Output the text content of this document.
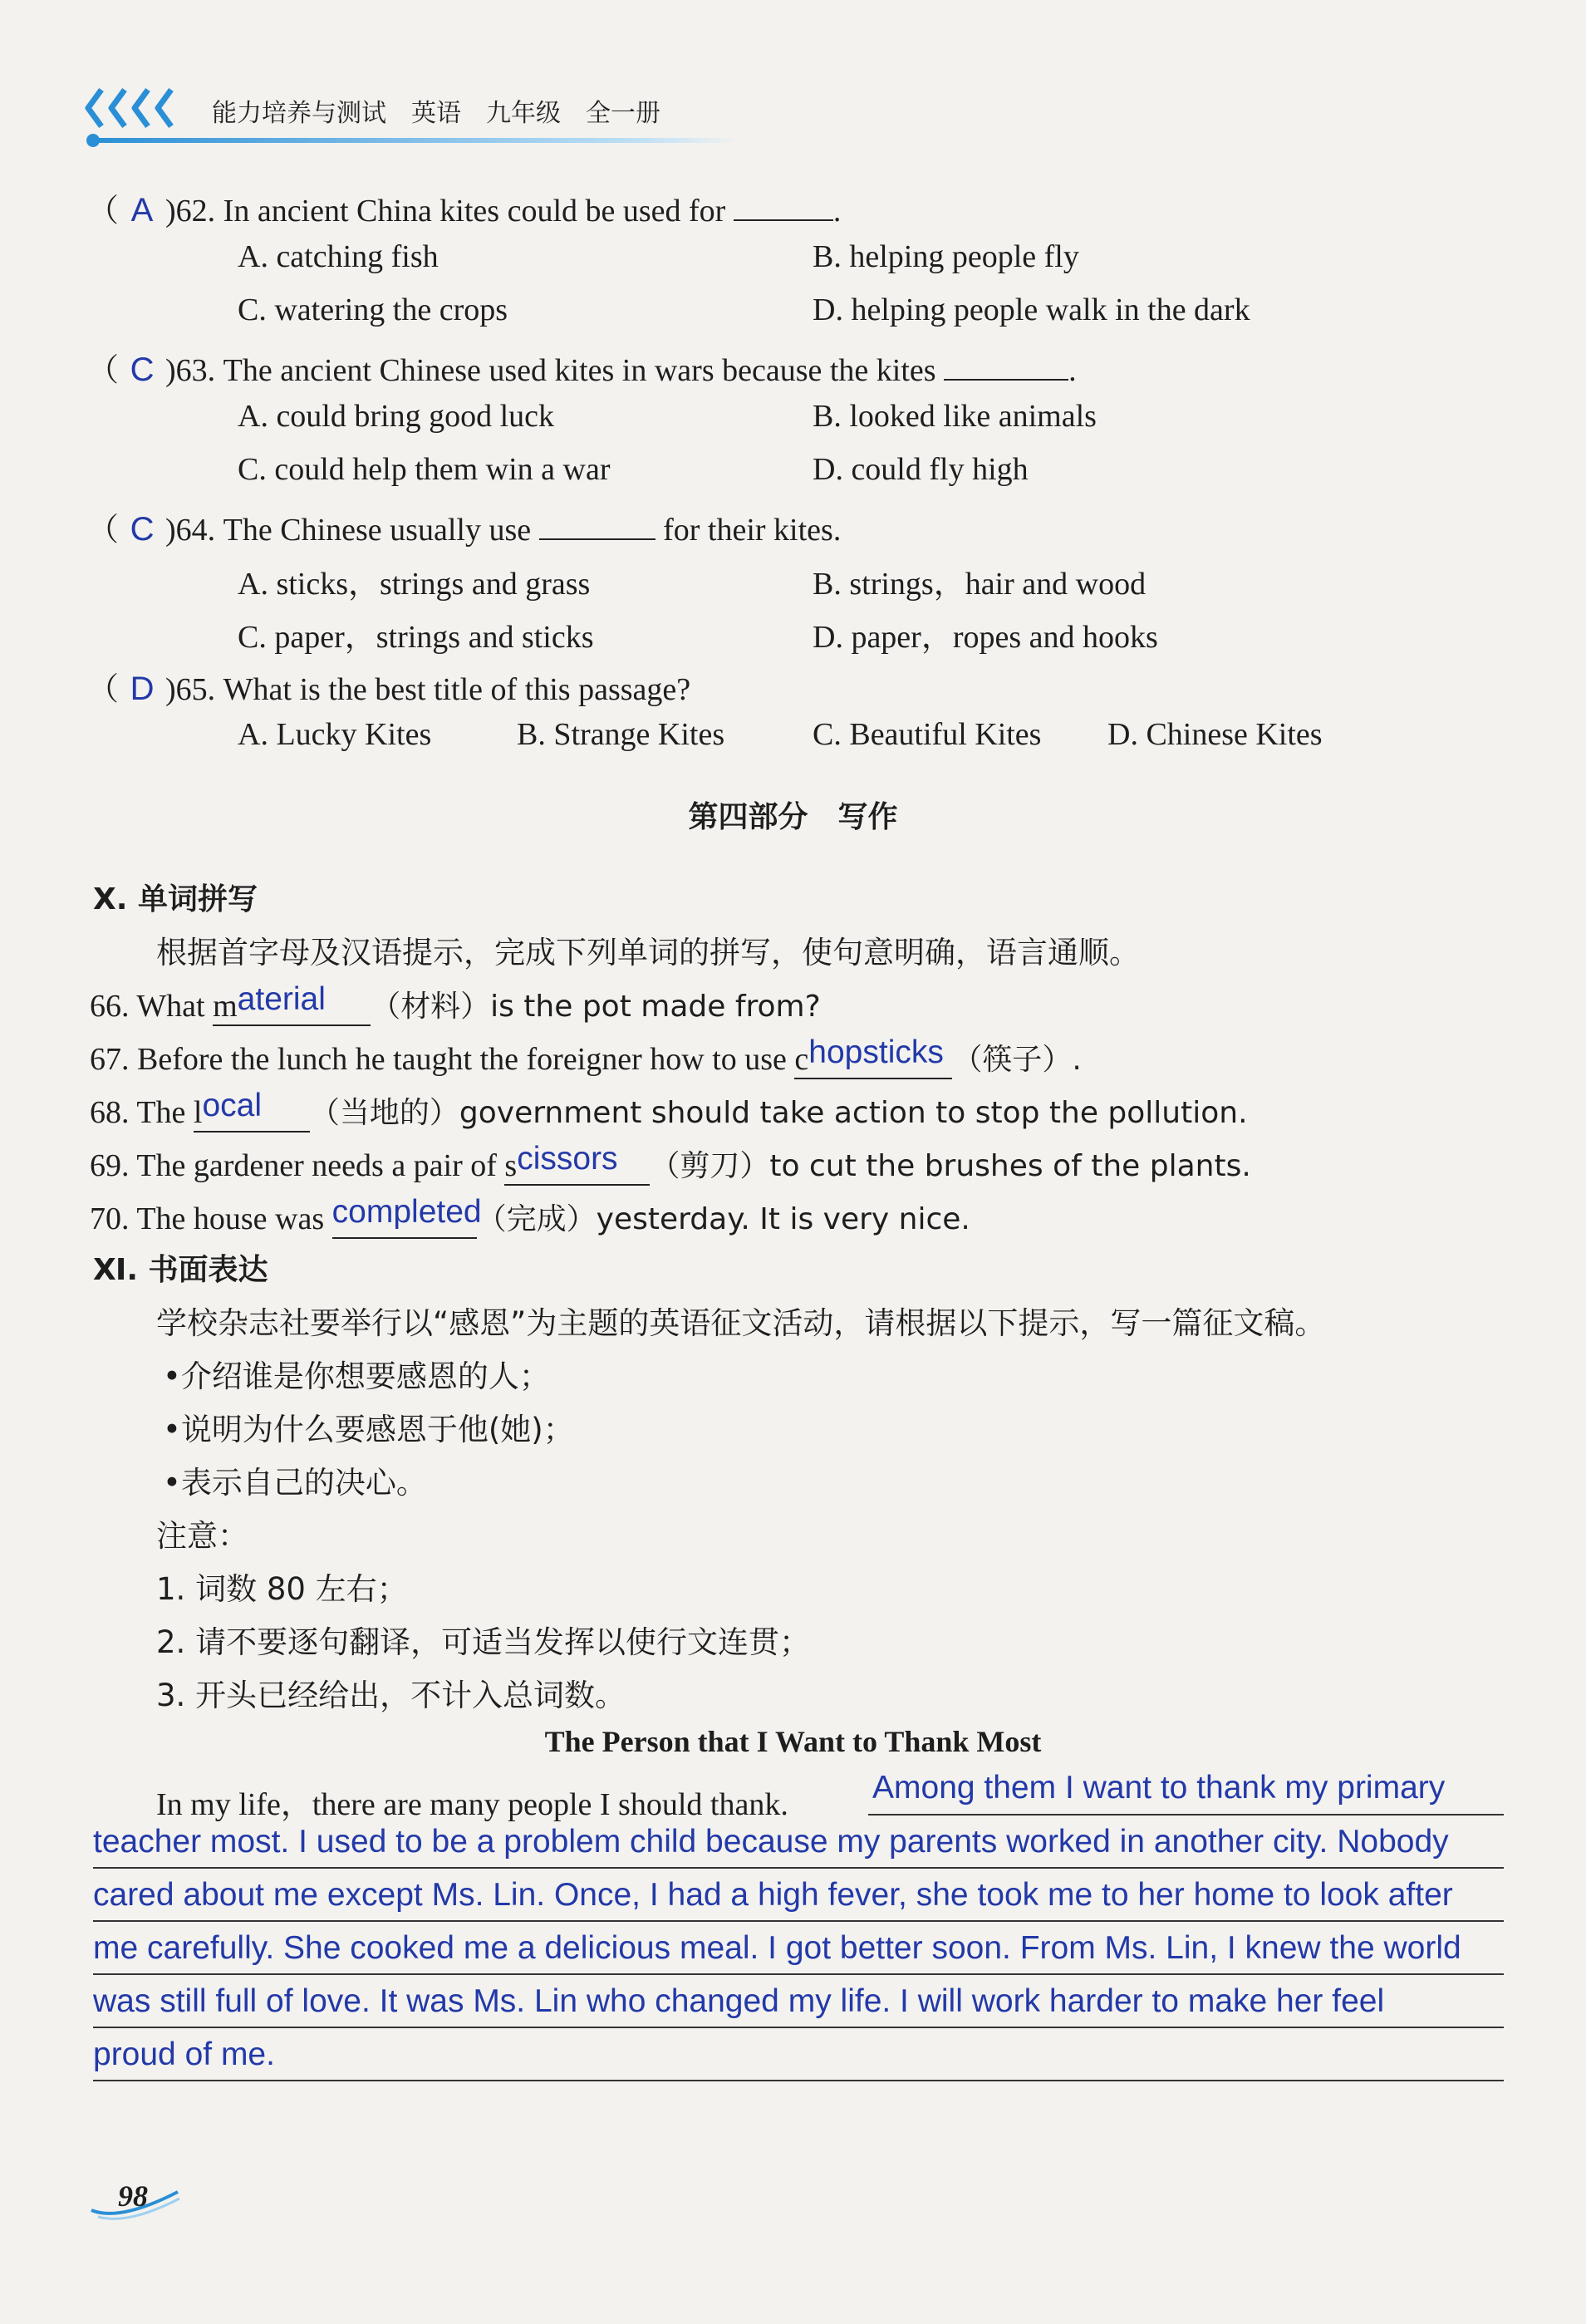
能力培养与测试　英语　九年级　全一册
（ A )62. In ancient China kites could be used for	.
A. catching fish	B. helping people fly
C. watering the crops	D. helping people walk in the dark
（ C )63. The ancient Chinese used kites in wars because the kites	.
A. could bring good luck	B. looked like animals
C. could help them win a war	D. could fly high
（ C )64. The Chinese usually use	for their kites.
A. sticks，strings and grass	B. strings，hair and wood
C. paper，strings and sticks	D. paper，ropes and hooks
（ D )65. What is the best title of this passage?
A. Lucky Kites	B. Strange Kites	C. Beautiful Kites D. Chinese Kites
第四部分　写作
Ⅹ. 单词拼写
根据首字母及汉语提示，完成下列单词的拼写，使句意明确，语言通顺。
66. What material （材料）is the pot made from?
67. Before the lunch he taught the foreigner how to use chopsticks （筷子）.
68. The local （当地的）government should take action to stop the pollution.
69. The gardener needs a pair of scissors （剪刀）to cut the brushes of the plants.
70. The house was completed（完成）yesterday. It is very nice.
Ⅺ. 书面表达
学校杂志社要举行以“感恩”为主题的英语征文活动，请根据以下提示，写一篇征文稿。
•介绍谁是你想要感恩的人；
•说明为什么要感恩于他(她)；
•表示自己的决心。
注意：
1. 词数 80 左右；
2. 请不要逐句翻译，可适当发挥以使行文连贯；
3. 开头已经给出，不计入总词数。
The Person that I Want to Thank Most
In my life，there are many people I should thank.	Among them I want to thank my primary
teacher most. I used to be a problem child because my parents worked in another city. Nobody
cared about me except Ms. Lin. Once, I had a high fever, she took me to her home to look after
me carefully. She cooked me a delicious meal. I got better soon. From Ms. Lin, I knew the world
was still full of love. It was Ms. Lin who changed my life. I will work harder to make her feel
proud of me.
98
